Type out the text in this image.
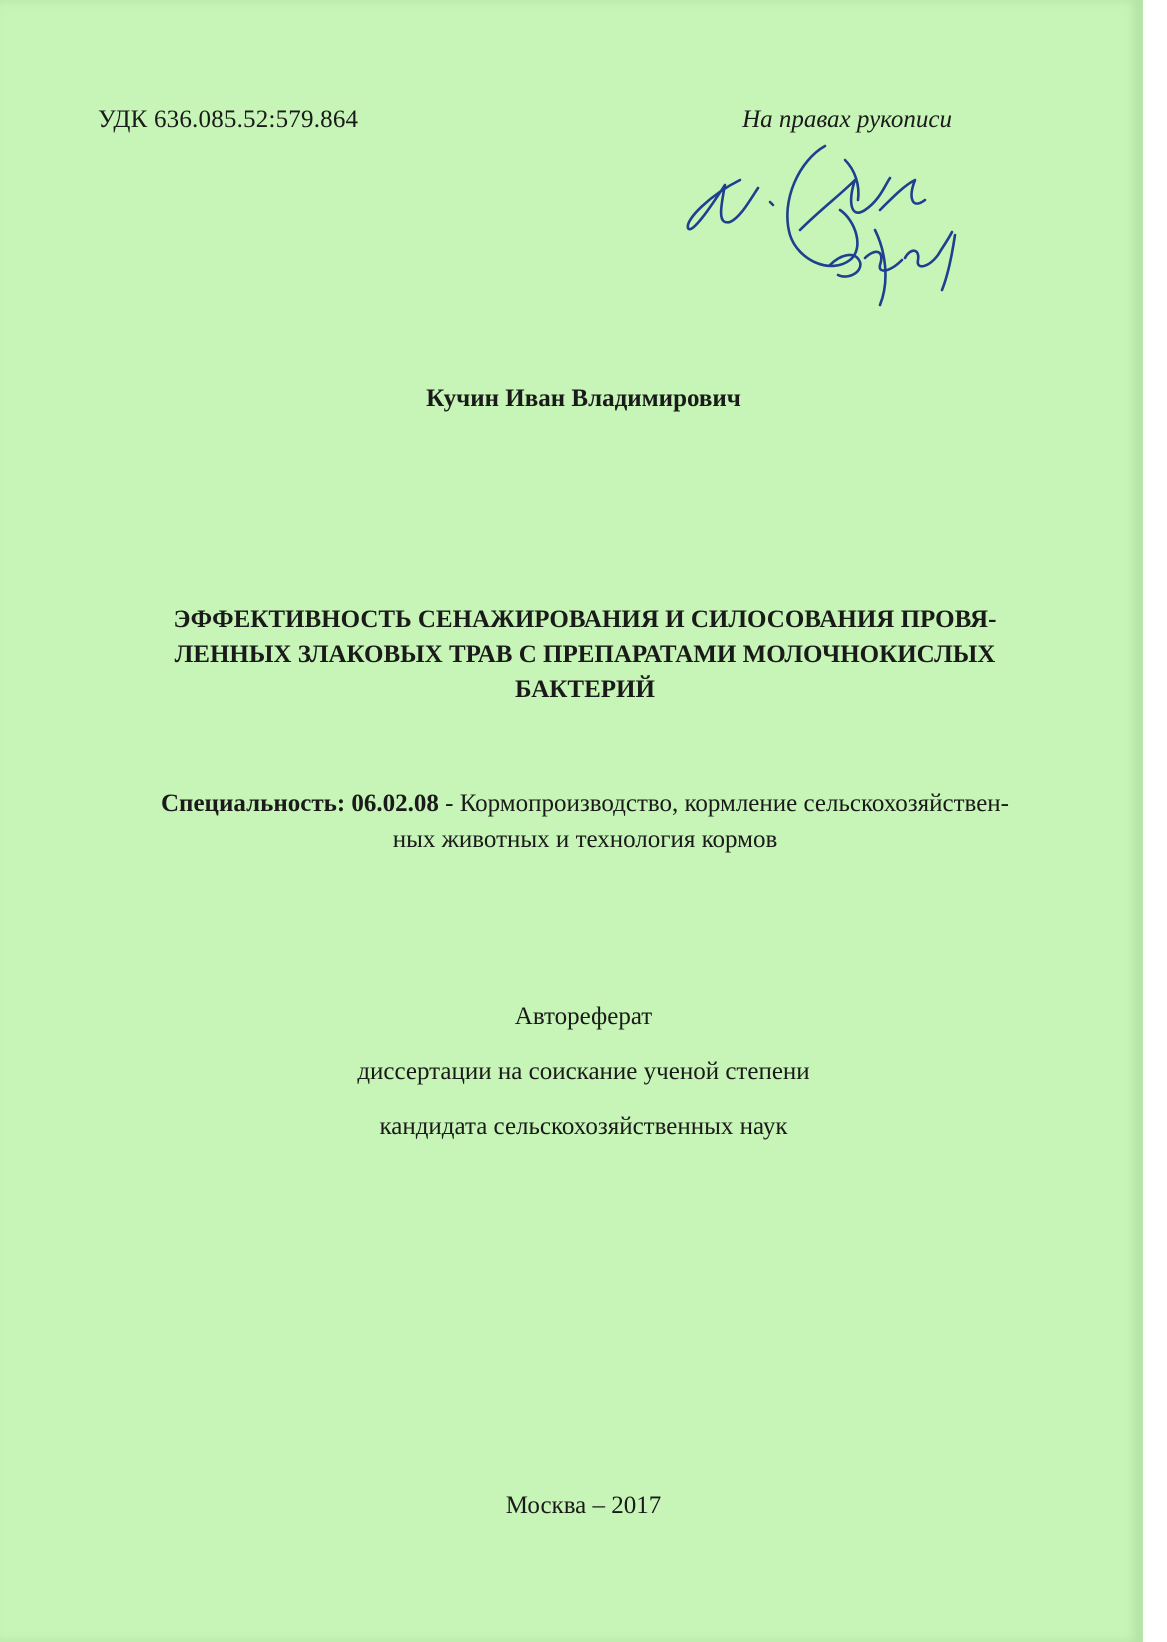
УДК 636.085.52:579.864	На правах рукописи
Кучин Иван Владимирович
ЭФФЕКТИВНОСТЬ СЕНАЖИРОВАНИЯ И СИЛОСОВАНИЯ ПРОВЯ-
ЛЕННЫХ ЗЛАКОВЫХ ТРАВ С ПРЕПАРАТАМИ МОЛОЧНОКИСЛЫХ
БАКТЕРИЙ
Специальность: 06.02.08 - Кормопроизводство, кормление сельскохозяйствен-
ных животных и технология кормов
Автореферат
диссертации на соискание ученой степени
кандидата сельскохозяйственных наук
Москва – 2017
